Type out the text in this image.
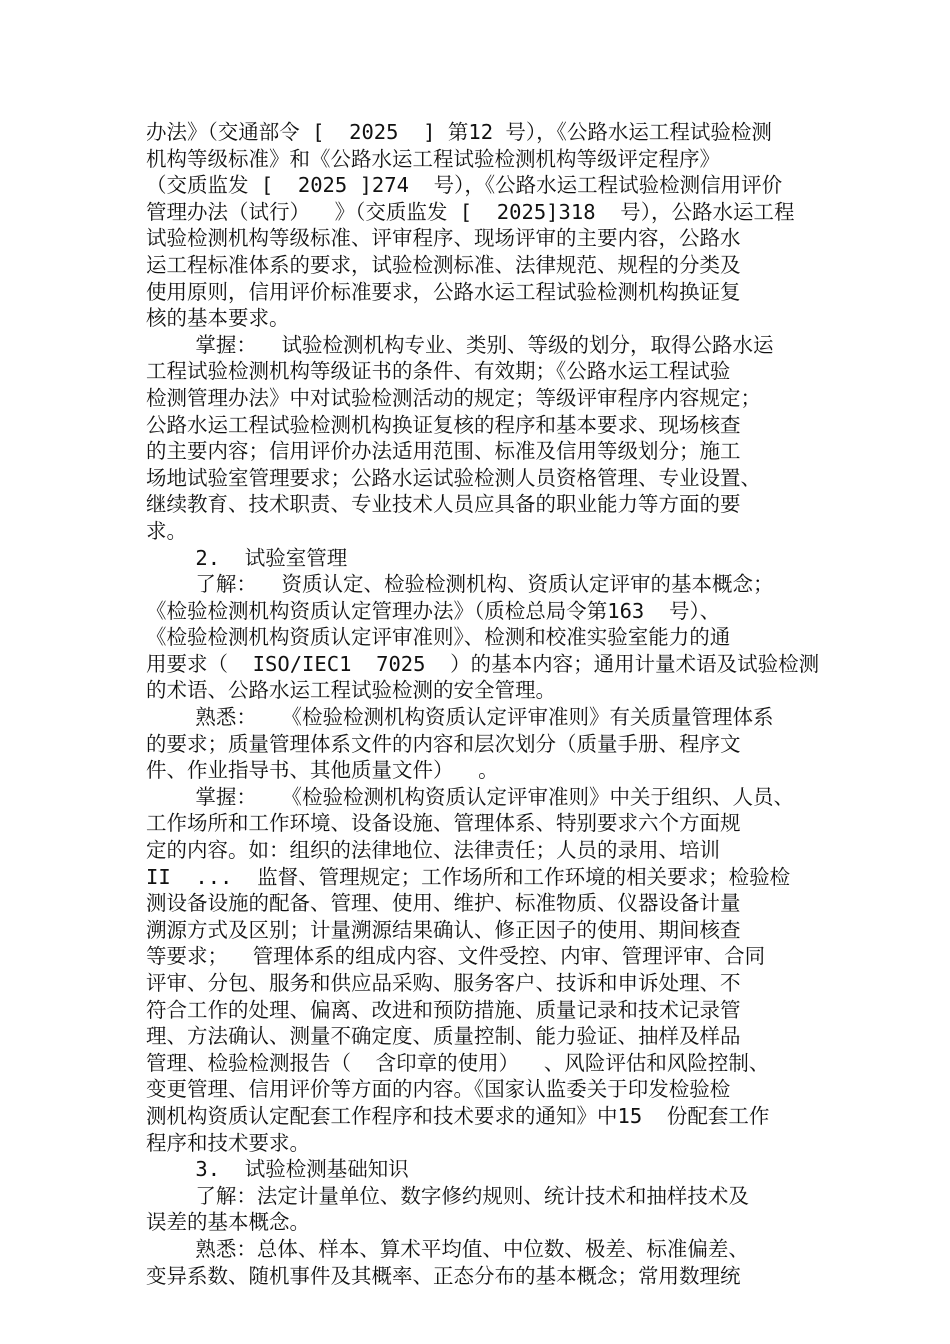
办法》（交通部令 [  2025  ] 第12 号），《公路水运工程试验检测
机构等级标准》和《公路水运工程试验检测机构等级评定程序》
（交质监发 [  2025 ]274  号），《公路水运工程试验检测信用评价
管理办法（试行）  》（交质监发 [  2025]318  号），公路水运工程
试验检测机构等级标准、评审程序、现场评审的主要内容，公路水
运工程标准体系的要求，试验检测标准、法律规范、规程的分类及
使用原则，信用评价标准要求，公路水运工程试验检测机构换证复
核的基本要求。
掌握：  试验检测机构专业、类别、等级的划分，取得公路水运
工程试验检测机构等级证书的条件、有效期；《公路水运工程试验
检测管理办法》中对试验检测活动的规定；等级评审程序内容规定；
公路水运工程试验检测机构换证复核的程序和基本要求、现场核查
的主要内容；信用评价办法适用范围、标准及信用等级划分；施工
场地试验室管理要求；公路水运试验检测人员资格管理、专业设置、
继续教育、技术职责、专业技术人员应具备的职业能力等方面的要
求。
2.  试验室管理
了解：  资质认定、检验检测机构、资质认定评审的基本概念；
《检验检测机构资质认定管理办法》（质检总局令第163  号）、
《检验检测机构资质认定评审准则》、检测和校准实验室能力的通
用要求（  ISO/IEC1  7025  ）的基本内容；通用计量术语及试验检测
的术语、公路水运工程试验检测的安全管理。
熟悉：  《检验检测机构资质认定评审准则》有关质量管理体系
的要求；质量管理体系文件的内容和层次划分（质量手册、程序文
件、作业指导书、其他质量文件）  。
掌握：  《检验检测机构资质认定评审准则》中关于组织、人员、
工作场所和工作环境、设备设施、管理体系、特别要求六个方面规
定的内容。如：组织的法律地位、法律责任；人员的录用、培训
II  ...  监督、管理规定；工作场所和工作环境的相关要求；检验检
测设备设施的配备、管理、使用、维护、标准物质、仪器设备计量
溯源方式及区别；计量溯源结果确认、修正因子的使用、期间核查
等要求；  管理体系的组成内容、文件受控、内审、管理评审、合同
评审、分包、服务和供应品采购、服务客户、技诉和申诉处理、不
符合工作的处理、偏离、改进和预防措施、质量记录和技术记录管
理、方法确认、测量不确定度、质量控制、能力验证、抽样及样品
管理、检验检测报告（  含印章的使用）  、风险评估和风险控制、
变更管理、信用评价等方面的内容。《国家认监委关于印发检验检
测机构资质认定配套工作程序和技术要求的通知》中15  份配套工作
程序和技术要求。
3.  试验检测基础知识
了解：法定计量单位、数字修约规则、统计技术和抽样技术及
误差的基本概念。
熟悉：总体、样本、算术平均值、中位数、极差、标准偏差、
变异系数、随机事件及其概率、正态分布的基本概念；常用数理统
